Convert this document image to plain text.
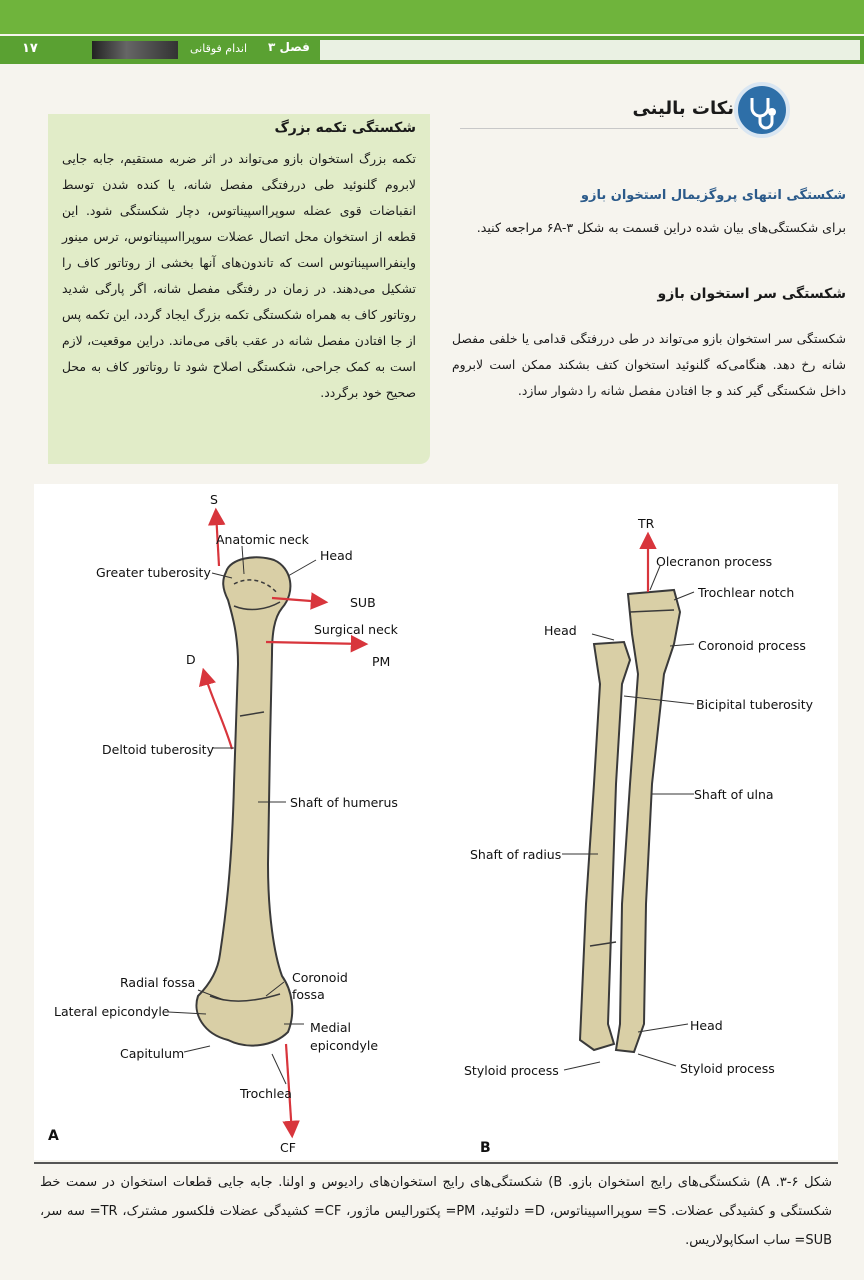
١٧	اندام فوقانی فصل ۳
شکستگی تکمه بزرگ
تکمه بزرگ استخوان بازو می‌تواند در اثر ضربه مستقیم، جابه جایی لابروم گلنوئید طی دررفتگی مفصل شانه، یا کنده شدن توسط انقباضات قوی عضله سوپرااسپیناتوس، دچار شکستگی شود. این قطعه از استخوان محل اتصال عضلات سوپرااسپیناتوس، ترس مینور واینفرااسپیناتوس است که تاندون‌های آنها بخشی از روتاتور کاف را تشکیل می‌دهند. در زمان در رفتگی مفصل شانه، اگر پارگی شدید روتاتور کاف به همراه شکستگی تکمه بزرگ ایجاد گردد، این تکمه پس از جا افتادن مفصل شانه در عقب باقی می‌ماند. دراین موقعیت، لازم است به کمک جراحی، شکستگی اصلاح شود تا روتاتور کاف به محل صحیح خود برگردد.
نکات بالینی
شکستگی انتهای پروگزیمال استخوان بازو
برای شکستگی‌های بیان شده دراین قسمت به شکل ۶A-۳ مراجعه کنید.
شکستگی سر استخوان بازو
شکستگی سر استخوان بازو می‌تواند در طی دررفتگی قدامی یا خلفی مفصل شانه رخ دهد. هنگامی‌که گلنوئید استخوان کتف بشکند ممکن است لابروم داخل شکستگی گیر کند و جا افتادن مفصل شانه را دشوار سازد.
S
Anatomic neck
Head
Greater tuberosity
SUB
Surgical neck
D	PM
Deltoid tuberosity
Shaft of humerus
Radial fossa	Coronoid
fossa
Lateral epicondyle
Medial
epicondyle
Capitulum
Trochlea
CF
A
TR
Olecranon process
Trochlear notch
Head
Coronoid process
Bicipital tuberosity
Shaft of ulna
Shaft of radius
Head
Styloid process	Styloid process
B
شکل ۶-۳. A) شکستگی‌های رایج استخوان بازو. B) شکستگی‌های رایج استخوان‌های رادیوس و اولنا. جابه جایی قطعات استخوان در سمت خط شکستگی و کشیدگی عضلات. S= سوپرااسپیناتوس، D= دلتوئید، PM= پکتورالیس ماژور، CF= کشیدگی عضلات فلکسور مشترک، TR= سه سر، SUB= ساب اسکاپولاریس.
